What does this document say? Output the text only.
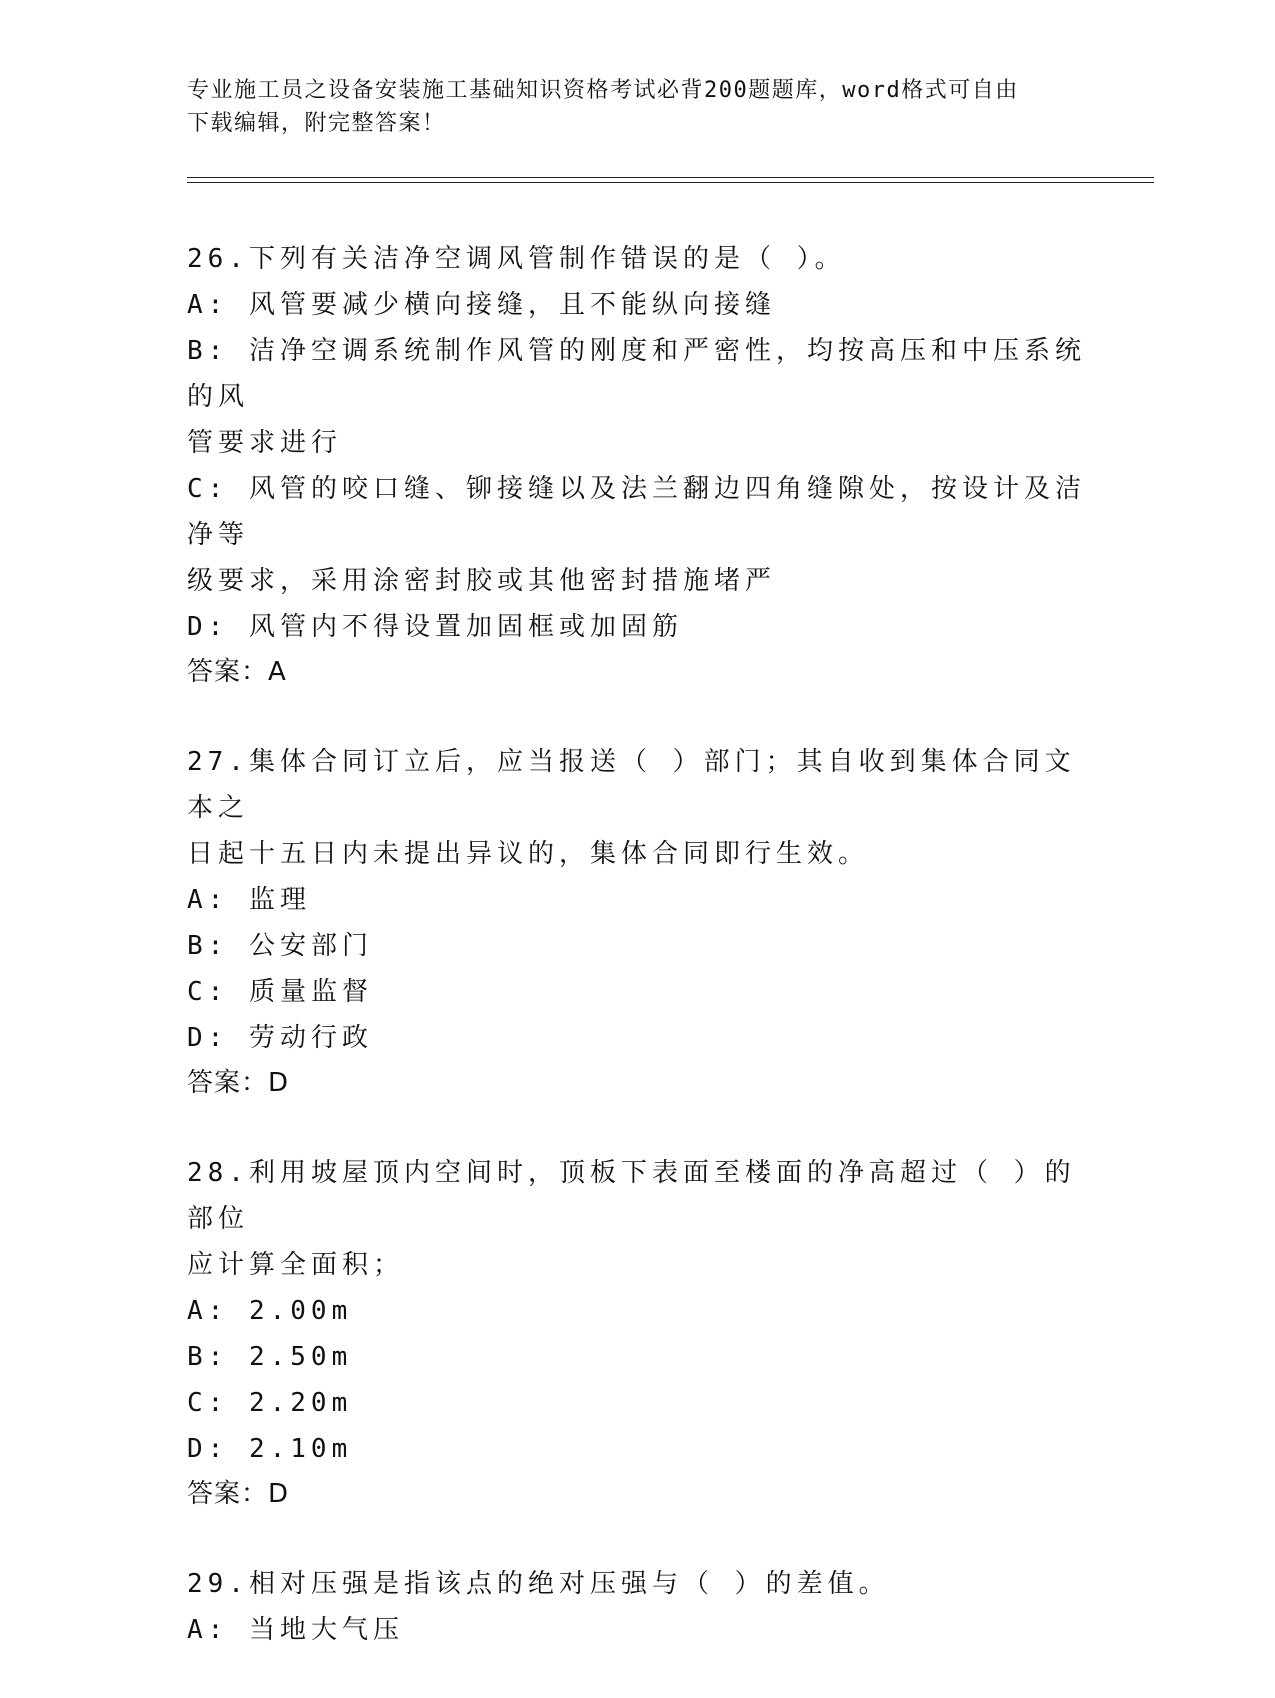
专业施工员之设备安装施工基础知识资格考试必背200题题库，word格式可自由
下载编辑，附完整答案！
26.下列有关洁净空调风管制作错误的是（ ）。
A: 风管要减少横向接缝，且不能纵向接缝
B: 洁净空调系统制作风管的刚度和严密性，均按高压和中压系统的风
管要求进行
C: 风管的咬口缝、铆接缝以及法兰翻边四角缝隙处，按设计及洁净等
级要求，采用涂密封胶或其他密封措施堵严
D: 风管内不得设置加固框或加固筋
答案：A
27.集体合同订立后，应当报送（ ）部门；其自收到集体合同文本之
日起十五日内未提出异议的，集体合同即行生效。
A: 监理
B: 公安部门
C: 质量监督
D: 劳动行政
答案：D
28.利用坡屋顶内空间时，顶板下表面至楼面的净高超过（ ）的部位
应计算全面积；
A: 2.00m
B: 2.50m
C: 2.20m
D: 2.10m
答案：D
29.相对压强是指该点的绝对压强与（ ）的差值。
A: 当地大气压
